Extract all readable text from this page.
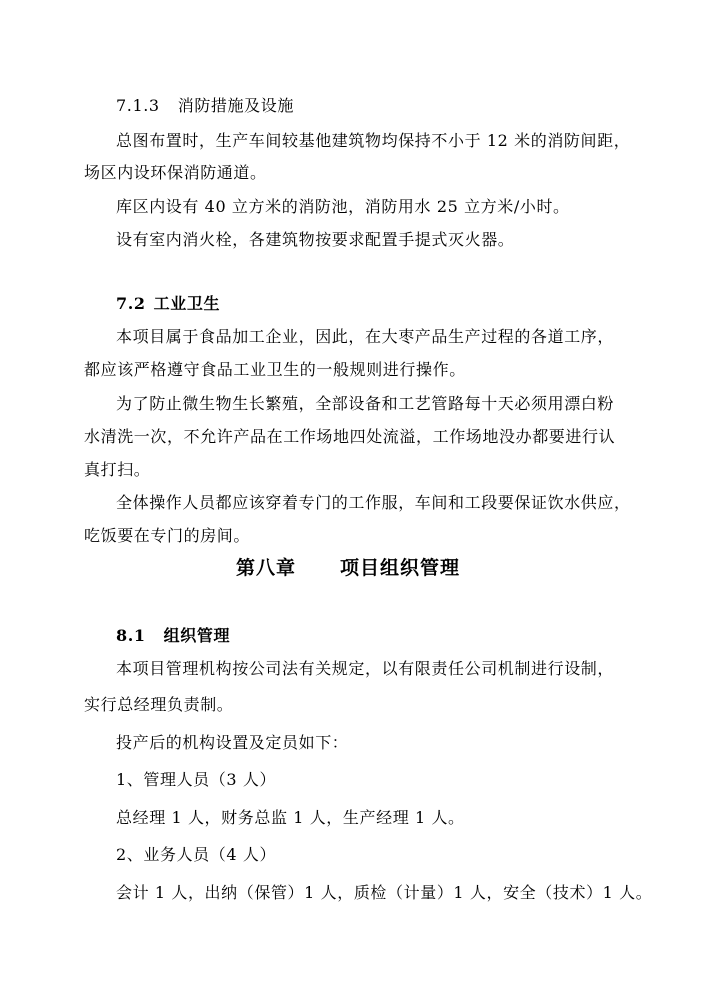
7.1.3 消防措施及设施
总图布置时，生产车间较基他建筑物均保持不小于 12 米的消防间距，
场区内设环保消防通道。
库区内设有 40 立方米的消防池，消防用水 25 立方米/小时。
设有室内消火栓，各建筑物按要求配置手提式灭火器。
7.2 工业卫生
本项目属于食品加工企业，因此，在大枣产品生产过程的各道工序，
都应该严格遵守食品工业卫生的一般规则进行操作。
为了防止微生物生长繁殖，全部设备和工艺管路每十天必须用漂白粉
水清洗一次，不允许产品在工作场地四处流溢，工作场地没办都要进行认
真打扫。
全体操作人员都应该穿着专门的工作服，车间和工段要保证饮水供应，
吃饭要在专门的房间。
第八章 项目组织管理
8.1 组织管理
本项目管理机构按公司法有关规定，以有限责任公司机制进行设制，
实行总经理负责制。
投产后的机构设置及定员如下：
1、管理人员（3 人）
总经理 1 人，财务总监 1 人，生产经理 1 人。
2、业务人员（4 人）
会计 1 人，出纳（保管）1 人，质检（计量）1 人，安全（技术）1 人。
